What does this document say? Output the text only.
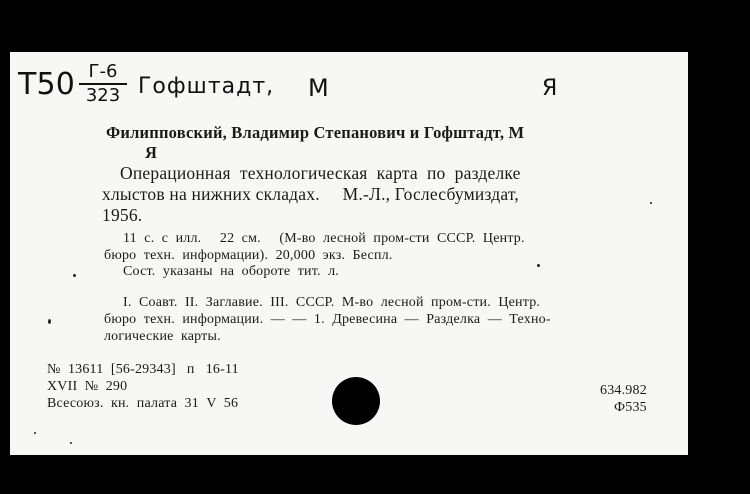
T50 Г-6
323 Гофштадт, М	Я
Филипповский, Владимир Степанович и Гофштадт, М
Я
Операционная  технологическая  карта  по  разделке
хлыстов на нижних складах.     М.-Л., Гослесбумиздат,
1956.
11  с.  с  илл.     22  см.     (М-во  лесной  пром-сти  СССР.  Центр.
бюро  техн.  информации).  20,000  экз.  Беспл.
Сост.  указаны  на  обороте  тит.  л.
I.  Соавт.  II.  Заглавие.  III.  СССР.  М-во  лесной  пром-сти.  Центр.
бюро  техн.  информации.  —  —  1.  Древесина  —  Разделка  —  Техно-
логические  карты.
№  13611  [56-29343]   п   16-11
XVII  №  290
Всесоюз.  кн.  палата  31  V  56
634.982
Ф535
